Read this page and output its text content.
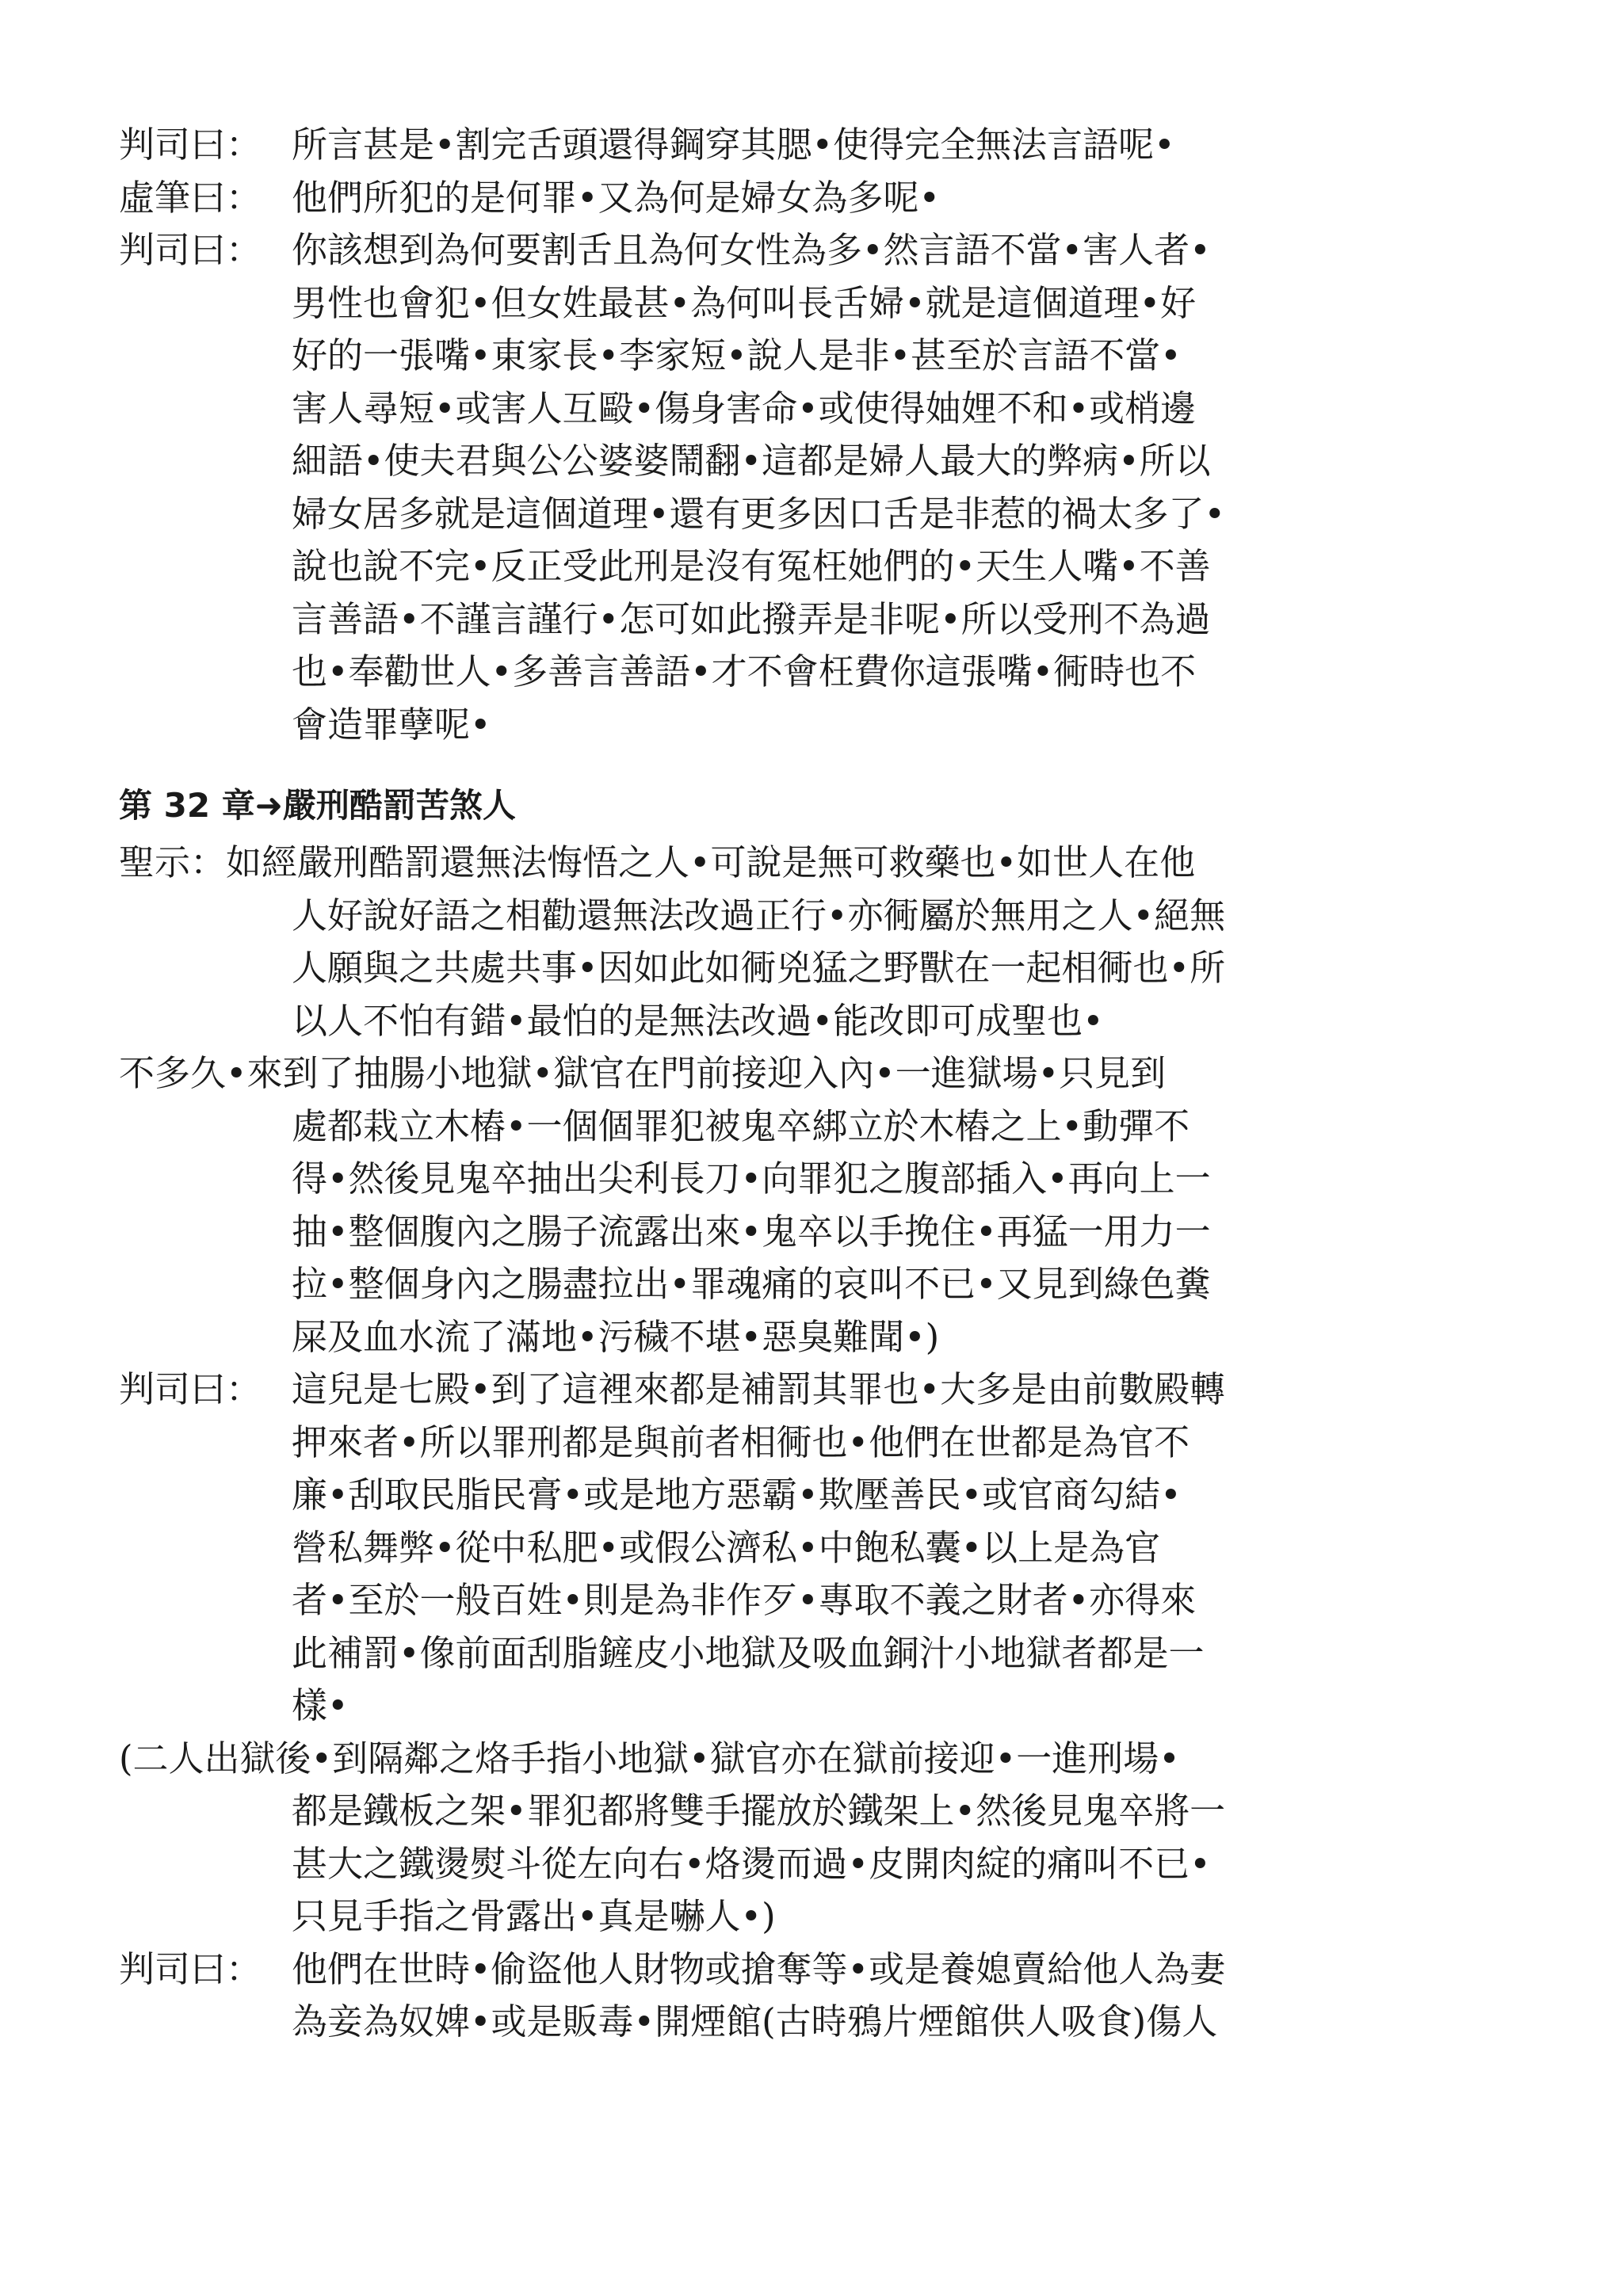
判司曰： 所言甚是•割完舌頭還得鋼穿其腮•使得完全無法言語呢•
虛筆曰： 他們所犯的是何罪•又為何是婦女為多呢•
判司曰： 你該想到為何要割舌且為何女性為多•然言語不當•害人者•
男性也會犯•但女姓最甚•為何叫長舌婦•就是這個道理•好
好的一張嘴•東家長•李家短•說人是非•甚至於言語不當•
害人尋短•或害人互毆•傷身害命•或使得妯娌不和•或梢邊
細語•使夫君與公公婆婆鬧翻•這都是婦人最大的弊病•所以
婦女居多就是這個道理•還有更多因口舌是非惹的禍太多了•
說也說不完•反正受此刑是沒有冤枉她們的•天生人嘴•不善
言善語•不謹言謹行•怎可如此撥弄是非呢•所以受刑不為過
也•奉勸世人•多善言善語•才不會枉費你這張嘴•衕時也不
會造罪孽呢•
第 32 章➜嚴刑酷罰苦煞人
聖示：如經嚴刑酷罰還無法悔悟之人•可說是無可救藥也•如世人在他
人好說好語之相勸還無法改過正行•亦衕屬於無用之人•絕無
人願與之共處共事•因如此如衕兇猛之野獸在一起相衕也•所
以人不怕有錯•最怕的是無法改過•能改即可成聖也•
不多久•來到了抽腸小地獄•獄官在門前接迎入內•一進獄場•只見到
處都栽立木樁•一個個罪犯被鬼卒綁立於木樁之上•動彈不
得•然後見鬼卒抽出尖利長刀•向罪犯之腹部插入•再向上一
抽•整個腹內之腸子流露出來•鬼卒以手挽住•再猛一用力一
拉•整個身內之腸盡拉出•罪魂痛的哀叫不已•又見到綠色糞
屎及血水流了滿地•污穢不堪•惡臭難聞•)
判司曰： 這兒是七殿•到了這裡來都是補罰其罪也•大多是由前數殿轉
押來者•所以罪刑都是與前者相衕也•他們在世都是為官不
廉•刮取民脂民膏•或是地方惡霸•欺壓善民•或官商勾結•
營私舞弊•從中私肥•或假公濟私•中飽私囊•以上是為官
者•至於一般百姓•則是為非作歹•專取不義之財者•亦得來
此補罰•像前面刮脂鏟皮小地獄及吸血銅汁小地獄者都是一
樣•
(二人出獄後•到隔鄰之烙手指小地獄•獄官亦在獄前接迎•一進刑場•
都是鐵板之架•罪犯都將雙手擺放於鐵架上•然後見鬼卒將一
甚大之鐵燙熨斗從左向右•烙燙而過•皮開肉綻的痛叫不已•
只見手指之骨露出•真是嚇人•)
判司曰： 他們在世時•偷盜他人財物或搶奪等•或是養媳賣給他人為妻
為妾為奴婢•或是販毒•開煙館(古時鴉片煙館供人吸食)傷人
